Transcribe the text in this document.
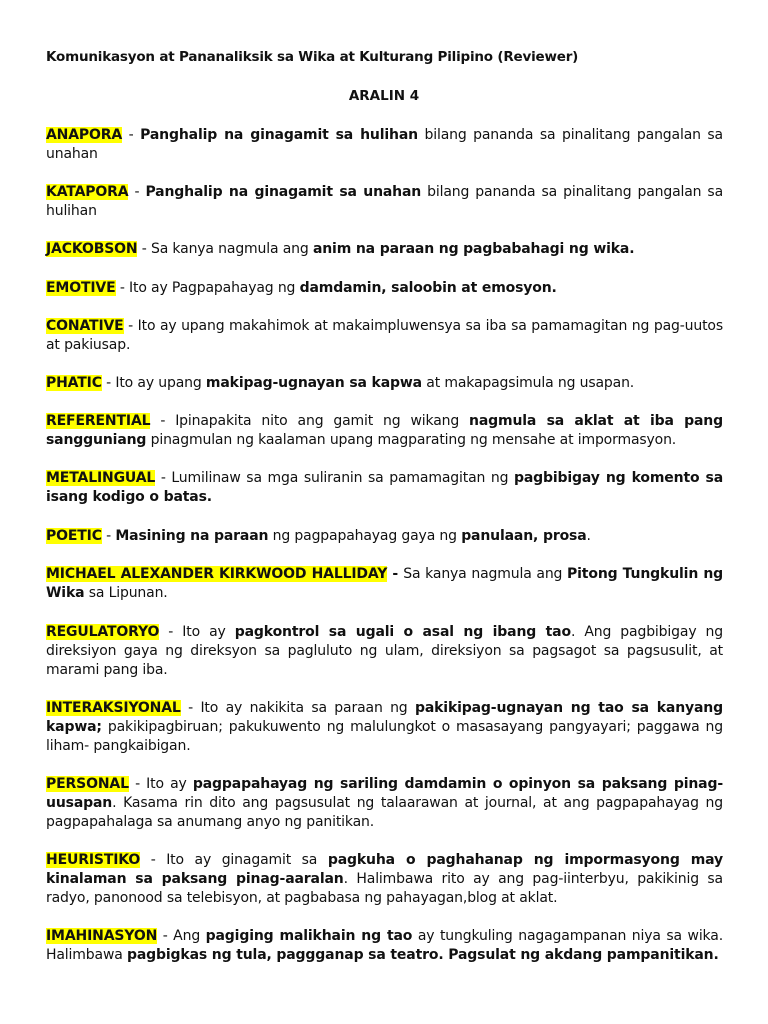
Komunikasyon at Pananaliksik sa Wika at Kulturang Pilipino (Reviewer)
ARALIN 4
ANAPORA - Panghalip na ginagamit sa hulihan bilang pananda sa pinalitang pangalan sa unahan
KATAPORA - Panghalip na ginagamit sa unahan bilang pananda sa pinalitang pangalan sa hulihan
JACKOBSON - Sa kanya nagmula ang anim na paraan ng pagbabahagi ng wika.
EMOTIVE - Ito ay Pagpapahayag ng damdamin, saloobin at emosyon.
CONATIVE - Ito ay upang makahimok at makaimpluwensya sa iba sa pamamagitan ng pag-uutos at pakiusap.
PHATIC - Ito ay upang makipag-ugnayan sa kapwa at makapagsimula ng usapan.
REFERENTIAL - Ipinapakita nito ang gamit ng wikang nagmula sa aklat at iba pang sangguniang pinagmulan ng kaalaman upang magparating ng mensahe at impormasyon.
METALINGUAL - Lumilinaw sa mga suliranin sa pamamagitan ng pagbibigay ng komento sa isang kodigo o batas.
POETIC - Masining na paraan ng pagpapahayag gaya ng panulaan, prosa.
MICHAEL ALEXANDER KIRKWOOD HALLIDAY - Sa kanya nagmula ang Pitong Tungkulin ng Wika sa Lipunan.
REGULATORYO - Ito ay pagkontrol sa ugali o asal ng ibang tao. Ang pagbibigay ng direksiyon gaya ng direksyon sa pagluluto ng ulam, direksiyon sa pagsagot sa pagsusulit, at marami pang iba.
INTERAKSIYONAL - Ito ay nakikita sa paraan ng pakikipag-ugnayan ng tao sa kanyang kapwa; pakikipagbiruan; pakukuwento ng malulungkot o masasayang pangyayari; paggawa ng liham- pangkaibigan.
PERSONAL - Ito ay pagpapahayag ng sariling damdamin o opinyon sa paksang pinag-uusapan. Kasama rin dito ang pagsusulat ng talaarawan at journal, at ang pagpapahayag ng pagpapahalaga sa anumang anyo ng panitikan.
HEURISTIKO - Ito ay ginagamit sa pagkuha o paghahanap ng impormasyong may kinalaman sa paksang pinag-aaralan. Halimbawa rito ay ang pag-iinterbyu, pakikinig sa radyo, panonood sa telebisyon, at pagbabasa ng pahayagan,blog at aklat.
IMAHINASYON - Ang pagiging malikhain ng tao ay tungkuling nagagampanan niya sa wika. Halimbawa pagbigkas ng tula, paggganap sa teatro. Pagsulat ng akdang pampanitikan.
